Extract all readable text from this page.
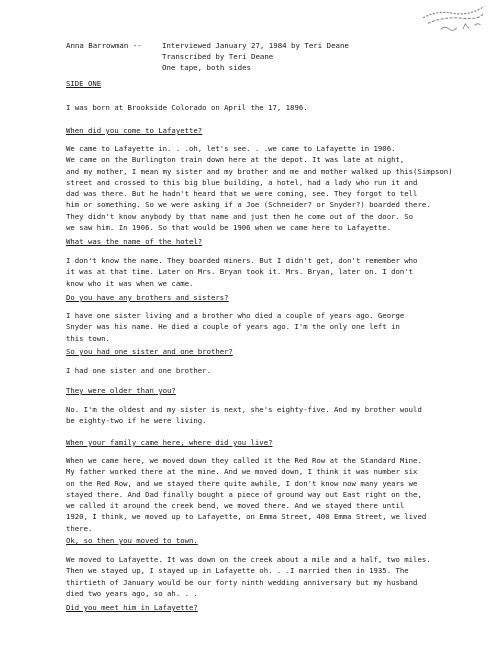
Anna Barrowman --	Interviewed January 27, 1984 by Teri Deane
Transcribed by Teri Deane
One tape, both sides
SIDE ONE
I was born at Brookside Colorado on April the 17, 1896.
When did you come to Lafayette?
We came to Lafayette in. . .oh, let's see. . .we came to Lafayette in 1906.
We came on the Burlington train down here at the depot. It was late at night,
and my mother, I mean my sister and my brother and me and mother walked up this(Simpson)
street and crossed to this big blue building, a hotel, had a lady who run it and
dad was there. But he hadn't heard that we were coming, see. They forgot to tell
him or something. So we were asking if a Joe (Schneider? or Snyder?) boarded there.
They didn't know anybody by that name and just then he come out of the door. So
we saw him. In 1906. So that would be 1906 when we came here to Lafayette.
What was the name of the hotel?
I don't know the name. They boarded miners. But I didn't get, don't remember who
it was at that time. Later on Mrs. Bryan took it. Mrs. Bryan, later on. I don't
know who it was when we came.
Do you have any brothers and sisters?
I have one sister living and a brother who died a couple of years ago. George
Snyder was his name. He died a couple of years ago. I'm the only one left in
this town.
So you had one sister and one brother?
I had one sister and one brother.
They were older than you?
No. I'm the oldest and my sister is next, she's eighty-five. And my brother would
be eighty-two if he were living.
When your family came here, where did you live?
When we came here, we moved down they called it the Red Row at the Standard Mine.
My father worked there at the mine. And we moved down, I think it was number six
on the Red Row, and we stayed there quite awhile, I don't know now many years we
stayed there. And Dad finally bought a piece of ground way out East right on the,
we called it around the creek bend, we moved there. And we stayed there until
1920, I think, we moved up to Lafayette, on Emma Street, 400 Emma Street, we lived
there.
Ok, so then you moved to town.
We moved to Lafayette. It was down on the creek about a mile and a half, two miles.
Then we stayed up, I stayed up in Lafayette oh. . .I married then in 1935. The
thirtieth of January would be our forty ninth wedding anniversary but my husband
died two years ago, so ah. . .
Did you meet him in Lafayette?
